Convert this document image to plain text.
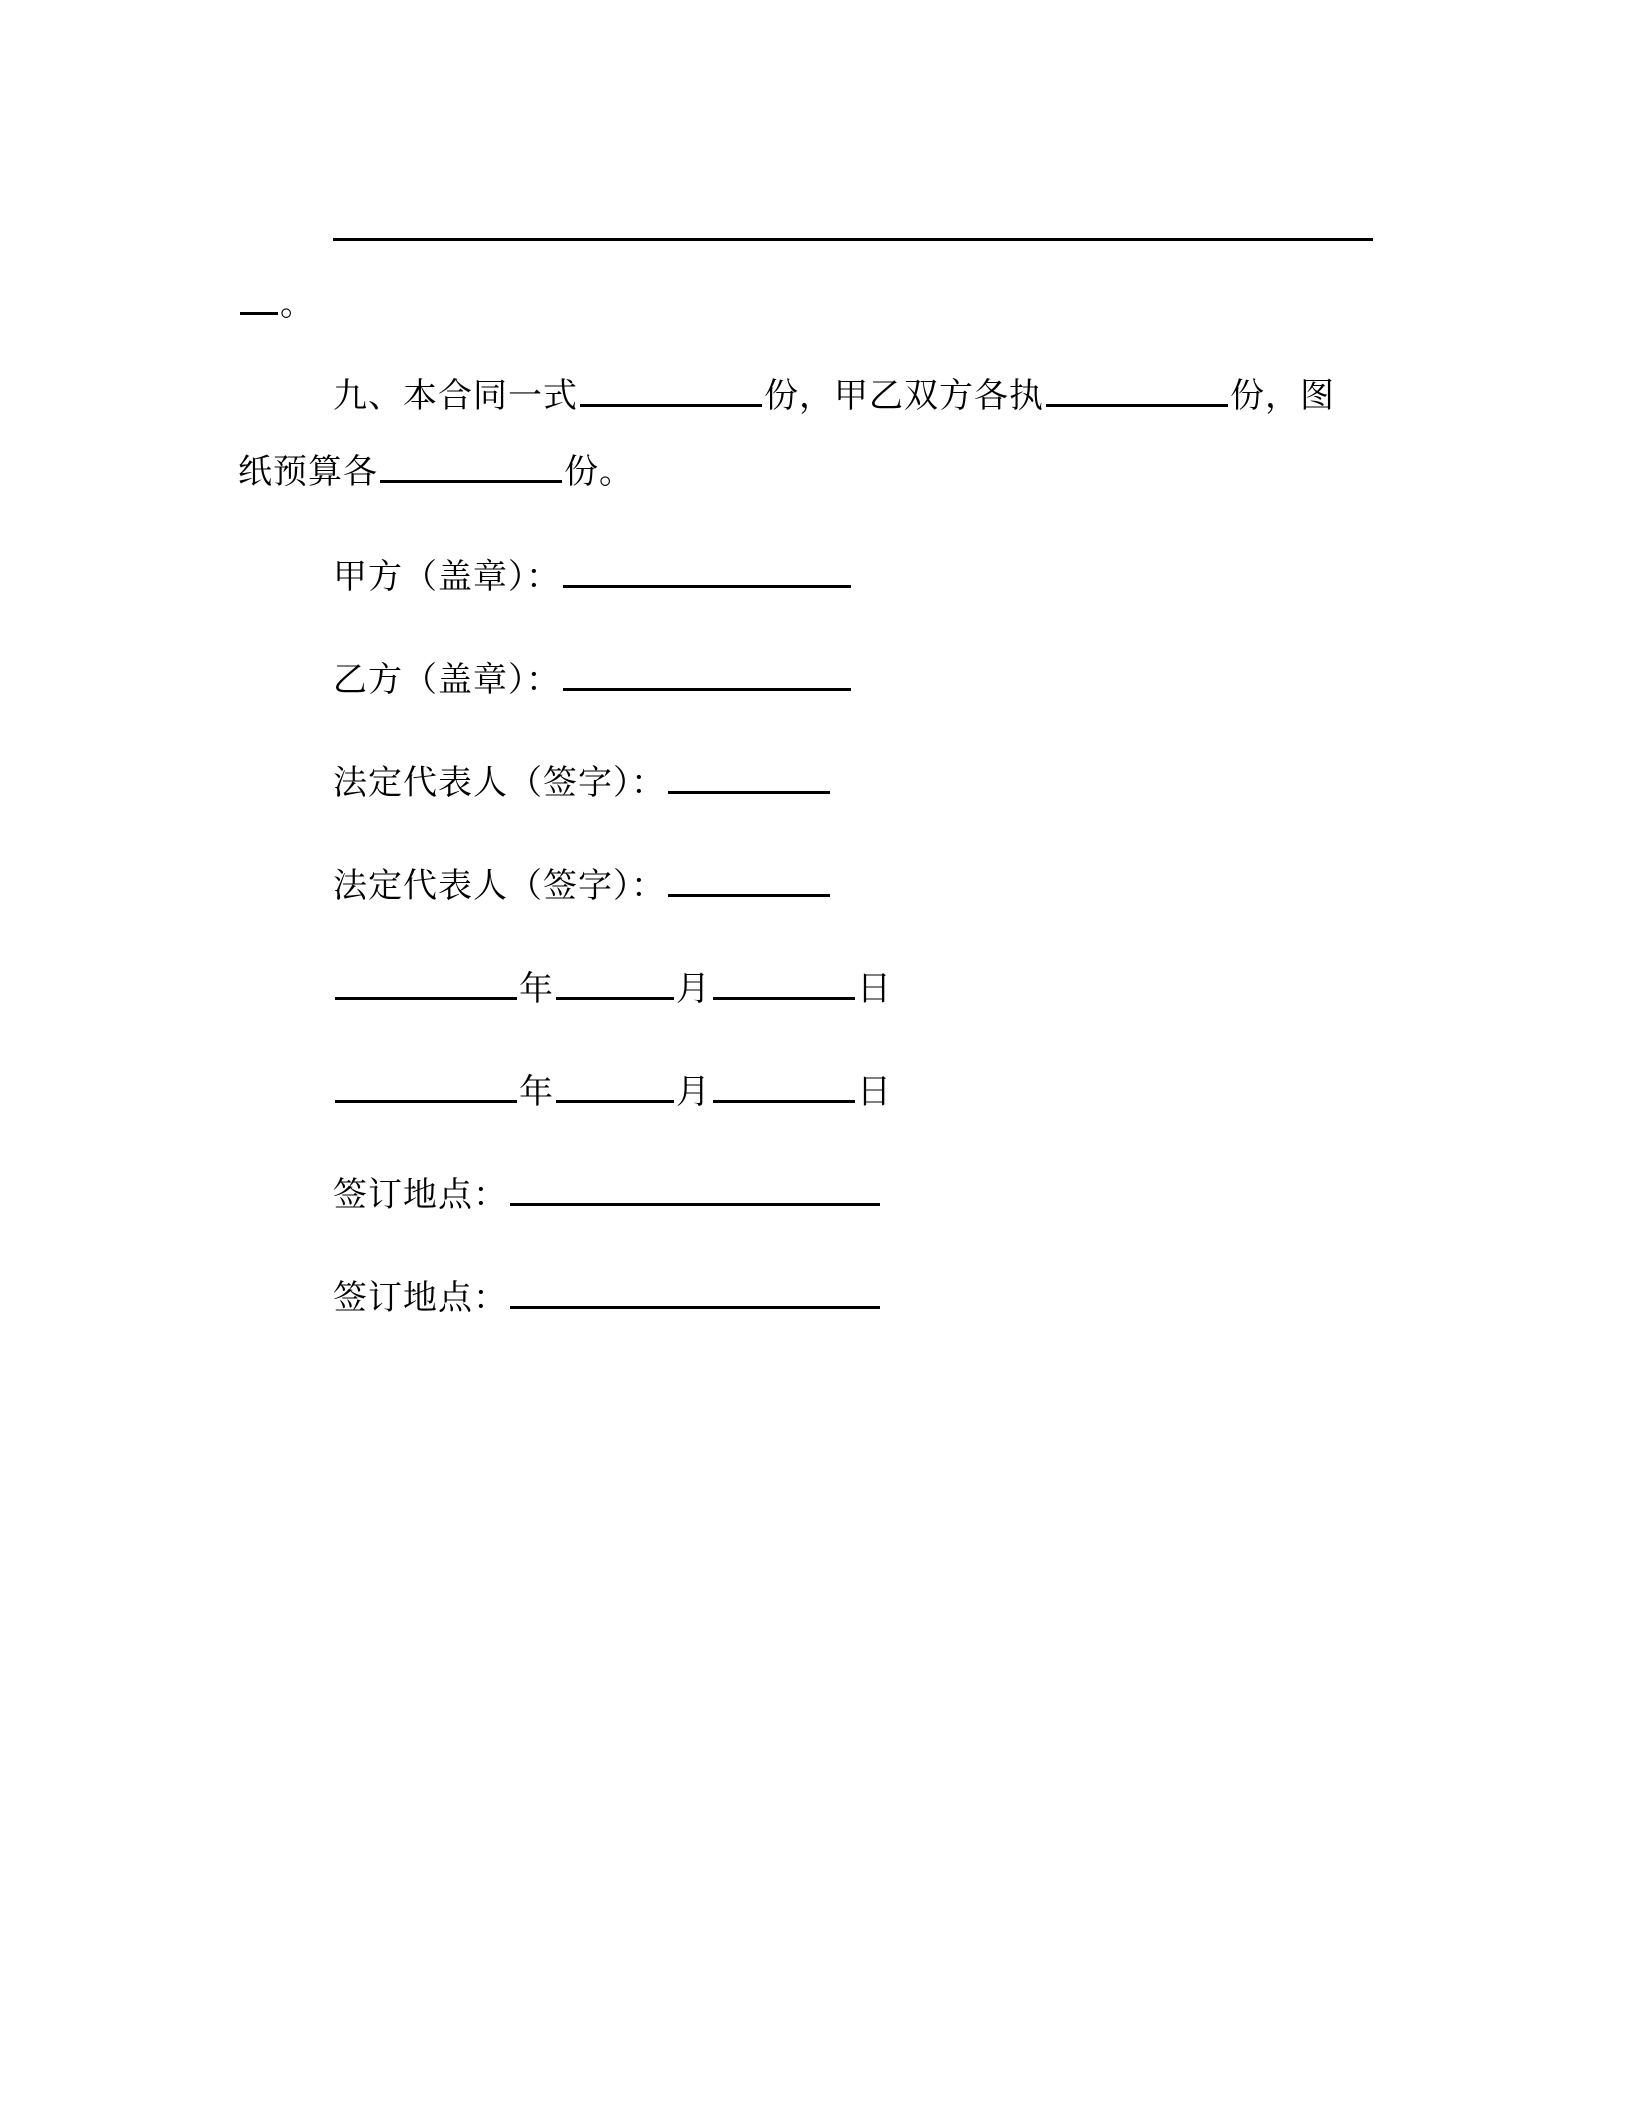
。
九、本合同一式	份，甲乙双方各执	份，图
纸预算各	份。
甲方（盖章）：
乙方（盖章）：
法定代表人（签字）：
法定代表人（签字）：
年	月	日
年	月	日
签订地点：
签订地点：
